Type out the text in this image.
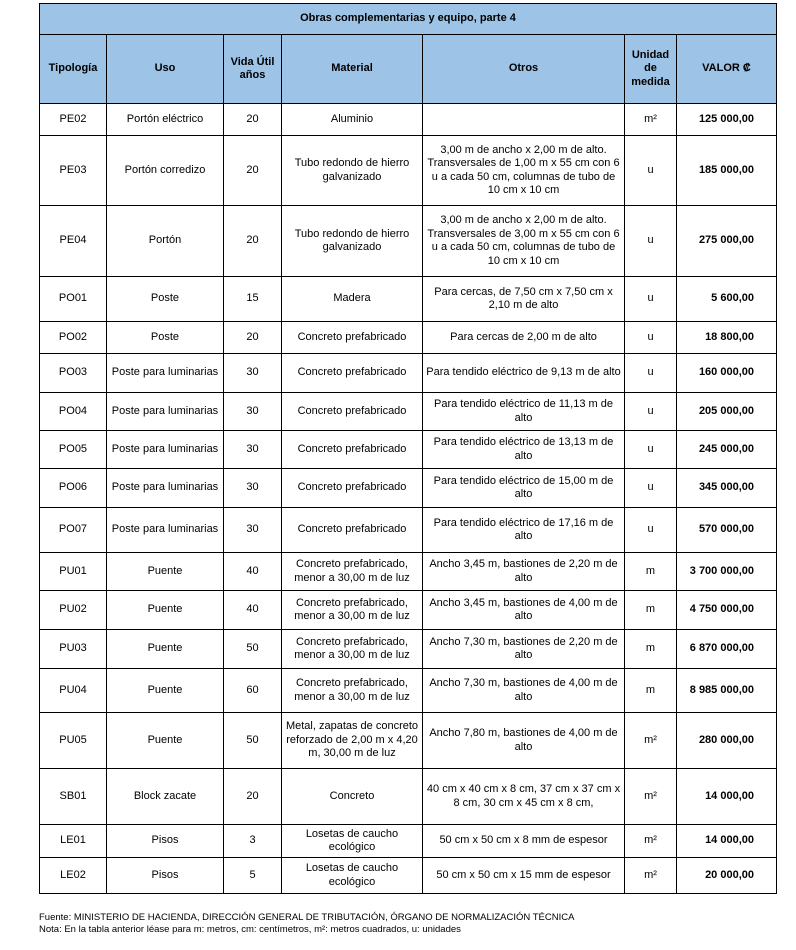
Obras complementarias y equipo, parte 4						
Tipología	Uso	Vida Útil años	Material	Otros	Unidad de medida	VALOR ₡
PE02	Portón eléctrico	20	Aluminio		m²	125 000,00
PE03	Portón corredizo	20	Tubo redondo de hierro galvanizado	3,00 m de ancho x 2,00 m de alto. Transversales de 1,00 m x 55 cm con 6 u a cada 50 cm, columnas de tubo de 10 cm x 10 cm	u	185 000,00
PE04	Portón	20	Tubo redondo de hierro galvanizado	3,00 m de ancho x 2,00 m de alto. Transversales de 3,00 m x 55 cm con 6 u a cada 50 cm, columnas de tubo de 10 cm x 10 cm	u	275 000,00
PO01	Poste	15	Madera	Para cercas, de 7,50 cm x 7,50 cm x 2,10 m de alto	u	5 600,00
PO02	Poste	20	Concreto prefabricado	Para cercas de 2,00 m de alto	u	18 800,00
PO03	Poste para luminarias	30	Concreto prefabricado	Para tendido eléctrico de 9,13 m de alto	u	160 000,00
PO04	Poste para luminarias	30	Concreto prefabricado	Para tendido eléctrico de 11,13 m de alto	u	205 000,00
PO05	Poste para luminarias	30	Concreto prefabricado	Para tendido eléctrico de 13,13 m de alto	u	245 000,00
PO06	Poste para luminarias	30	Concreto prefabricado	Para tendido eléctrico de 15,00 m de alto	u	345 000,00
PO07	Poste para luminarias	30	Concreto prefabricado	Para tendido eléctrico de 17,16 m de alto	u	570 000,00
PU01	Puente	40	Concreto prefabricado, menor a 30,00 m de luz	Ancho 3,45 m, bastiones de 2,20 m de alto	m	3 700 000,00
PU02	Puente	40	Concreto prefabricado, menor a 30,00 m de luz	Ancho 3,45 m, bastiones de 4,00 m de alto	m	4 750 000,00
PU03	Puente	50	Concreto prefabricado, menor a 30,00 m de luz	Ancho 7,30 m, bastiones de 2,20 m de alto	m	6 870 000,00
PU04	Puente	60	Concreto prefabricado, menor a 30,00 m de luz	Ancho 7,30 m, bastiones de 4,00 m de alto	m	8 985 000,00
PU05	Puente	50	Metal, zapatas de concreto reforzado de 2,00 m x 4,20 m, 30,00 m de luz	Ancho 7,80 m, bastiones de 4,00 m de alto	m²	280 000,00
SB01	Block zacate	20	Concreto	40 cm x 40 cm x 8 cm, 37 cm x 37 cm x 8 cm, 30 cm x 45 cm x 8 cm,	m²	14 000,00
LE01	Pisos	3	Losetas de caucho ecológico	50 cm x 50 cm x 8 mm de espesor	m²	14 000,00
LE02	Pisos	5	Losetas de caucho ecológico	50 cm x 50 cm x 15 mm de espesor	m²	20 000,00
Fuente: MINISTERIO DE HACIENDA, DIRECCIÓN GENERAL DE TRIBUTACIÓN, ÓRGANO DE NORMALIZACIÓN TÉCNICA
Nota: En la tabla anterior léase para m: metros, cm: centímetros, m²: metros cuadrados, u: unidades
